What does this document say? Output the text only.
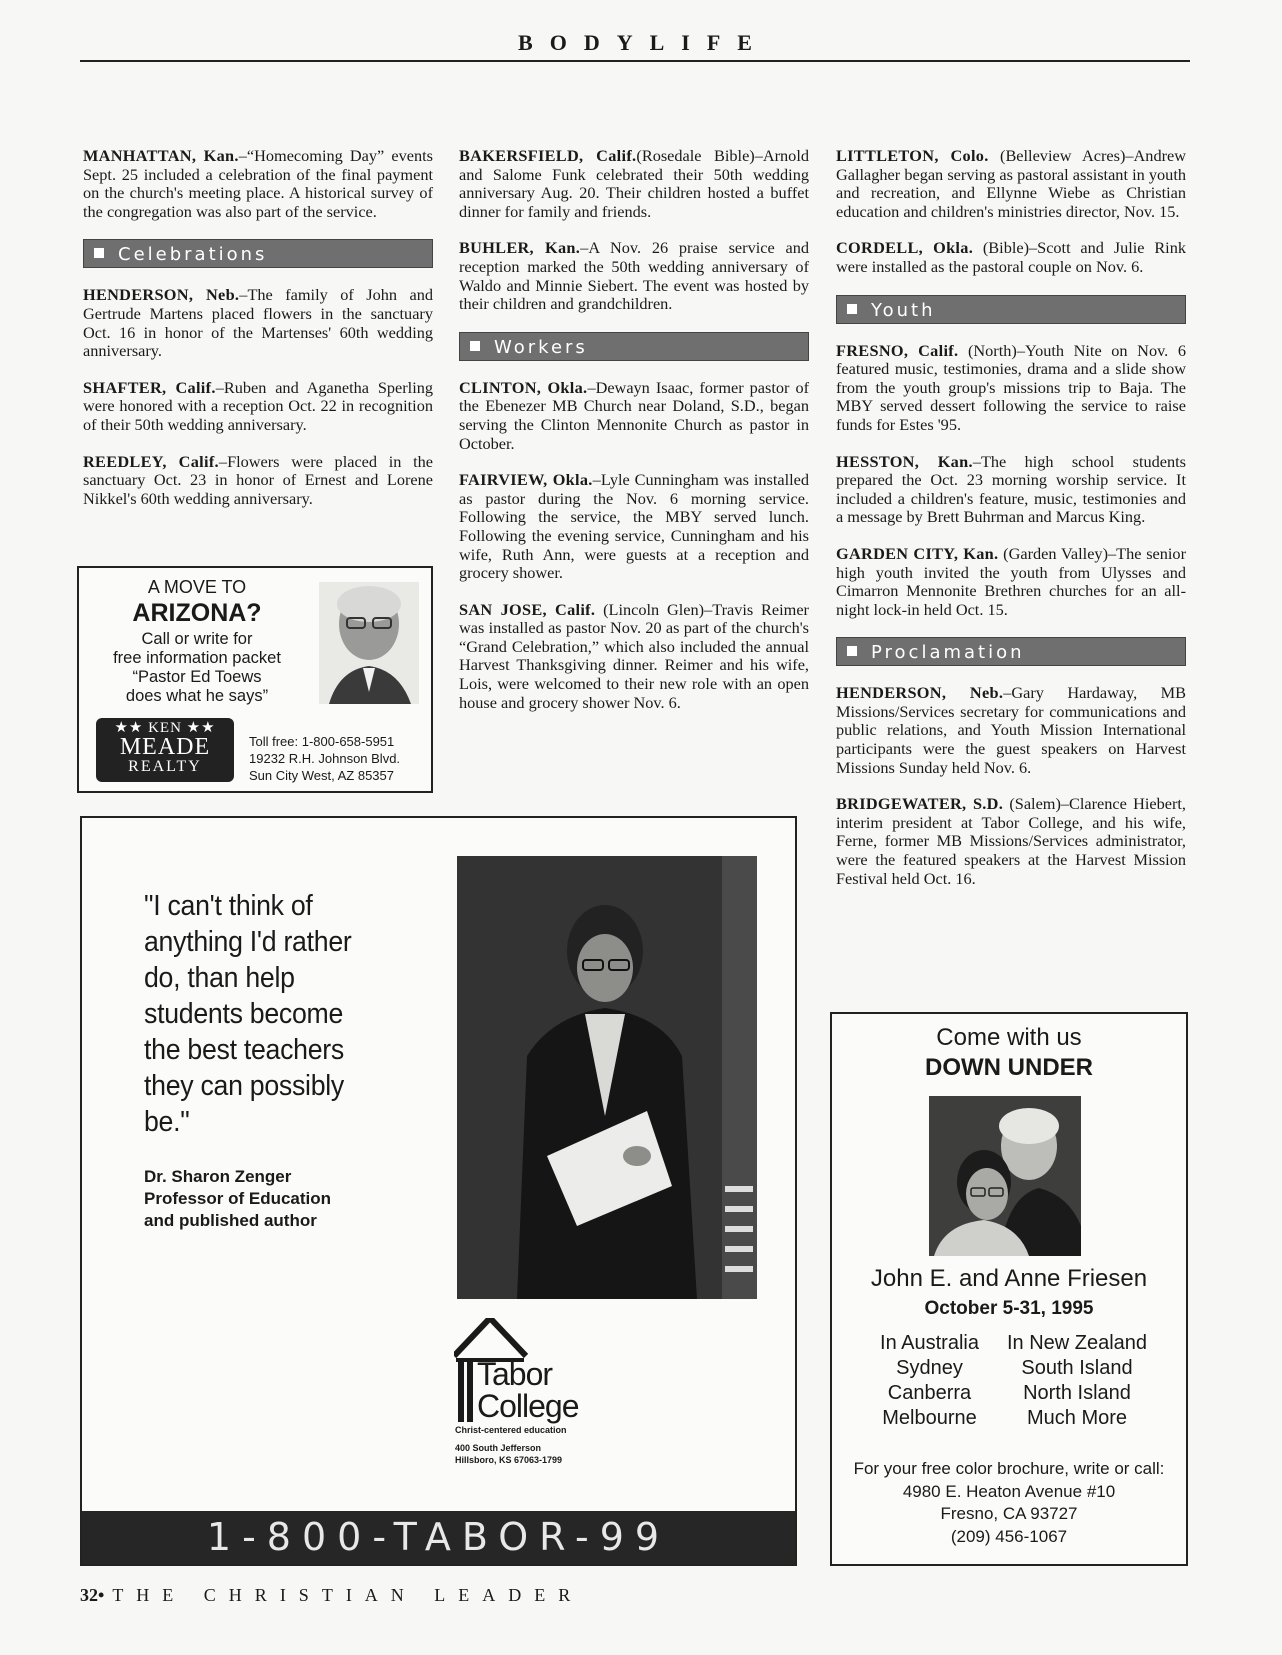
BODYLIFE

MANHATTAN, Kan.–“Homecoming Day” events Sept. 25 included a celebration of the final payment on the church's meeting place. A historical survey of the congregation was also part of the service.

Celebrations

HENDERSON, Neb.–The family of John and Gertrude Martens placed flowers in the sanctuary Oct. 16 in honor of the Martenses' 60th wedding anniversary.

SHAFTER, Calif.–Ruben and Aganetha Sperling were honored with a reception Oct. 22 in recognition of their 50th wedding anniversary.

REEDLEY, Calif.–Flowers were placed in the sanctuary Oct. 23 in honor of Ernest and Lorene Nikkel's 60th wedding anniversary.

BAKERSFIELD, Calif.(Rosedale Bible)–Arnold and Salome Funk celebrated their 50th wedding anniversary Aug. 20. Their children hosted a buffet dinner for family and friends.

BUHLER, Kan.–A Nov. 26 praise service and reception marked the 50th wedding anniversary of Waldo and Minnie Siebert. The event was hosted by their children and grandchildren.

Workers

CLINTON, Okla.–Dewayn Isaac, former pastor of the Ebenezer MB Church near Doland, S.D., began serving the Clinton Mennonite Church as pastor in October.

FAIRVIEW, Okla.–Lyle Cunningham was installed as pastor during the Nov. 6 morning service. Following the service, the MBY served lunch. Following the evening service, Cunningham and his wife, Ruth Ann, were guests at a reception and grocery shower.

SAN JOSE, Calif. (Lincoln Glen)–Travis Reimer was installed as pastor Nov. 20 as part of the church's “Grand Celebration,” which also included the annual Harvest Thanksgiving dinner. Reimer and his wife, Lois, were welcomed to their new role with an open house and grocery shower Nov. 6.

LITTLETON, Colo. (Belleview Acres)–Andrew Gallagher began serving as pastoral assistant in youth and recreation, and Ellynne Wiebe as Christian education and children's ministries director, Nov. 15.

CORDELL, Okla. (Bible)–Scott and Julie Rink were installed as the pastoral couple on Nov. 6.

Youth

FRESNO, Calif. (North)–Youth Nite on Nov. 6 featured music, testimonies, drama and a slide show from the youth group's missions trip to Baja. The MBY served dessert following the service to raise funds for Estes '95.

HESSTON, Kan.–The high school students prepared the Oct. 23 morning worship service. It included a children's feature, music, testimonies and a message by Brett Buhrman and Marcus King.

GARDEN CITY, Kan. (Garden Valley)–The senior high youth invited the youth from Ulysses and Cimarron Mennonite Brethren churches for an all-night lock-in held Oct. 15.

Proclamation

HENDERSON, Neb.–Gary Hardaway, MB Missions/Services secretary for communications and public relations, and Youth Mission International participants were the guest speakers on Harvest Missions Sunday held Nov. 6.

BRIDGEWATER, S.D. (Salem)–Clarence Hiebert, interim president at Tabor College, and his wife, Ferne, former MB Missions/Services administrator, were the featured speakers at the Harvest Mission Festival held Oct. 16.

A MOVE TO
ARIZONA?
Call or write for
free information packet
“Pastor Ed Toews
does what he says”
★★ KEN ★★
MEADE
REALTY
Toll free: 1-800-658-5951
19232 R.H. Johnson Blvd.
Sun City West, AZ 85357
"I can't think of anything I'd rather do, than help students become the best teachers they can possibly be."
Dr. Sharon Zenger
Professor of Education
and published author
Tabor
College
Christ-centered education
400 South Jefferson
Hillsboro, KS 67063-1799
1-800-TABOR-99
Come with us
DOWN UNDER
John E. and Anne Friesen
October 5-31, 1995
In Australia
Sydney
Canberra
Melbourne
In New Zealand
South Island
North Island
Much More
For your free color brochure, write or call:
4980 E. Heaton Avenue #10
Fresno, CA 93727
(209) 456-1067
32• THE CHRISTIAN LEADER
